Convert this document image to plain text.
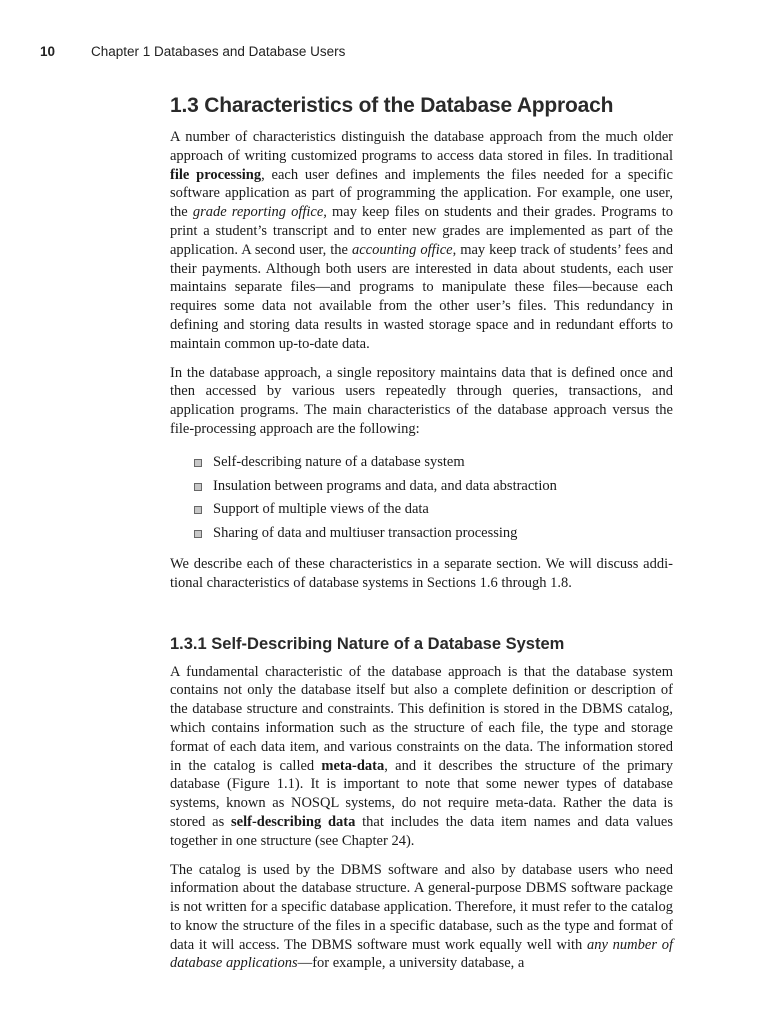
10	Chapter 1 Databases and Database Users
1.3 Characteristics of the Database Approach

A number of characteristics distinguish the database approach from the much older approach of writing customized programs to access data stored in files. In traditional file processing, each user defines and implements the files needed for a specific software application as part of programming the application. For example, one user, the grade reporting office, may keep files on students and their grades. Programs to print a student’s transcript and to enter new grades are implemented as part of the application. A second user, the accounting office, may keep track of students’ fees and their payments. Although both users are interested in data about students, each user maintains separate files—and programs to manipulate these files—because each requires some data not available from the other user’s files. This redundancy in defining and storing data results in wasted storage space and in redundant efforts to maintain common up-to-date data.

In the database approach, a single repository maintains data that is defined once and then accessed by various users repeatedly through queries, transactions, and application programs. The main characteristics of the database approach versus the file-processing approach are the following:

Self-describing nature of a database system
Insulation between programs and data, and data abstraction
Support of multiple views of the data
Sharing of data and multiuser transaction processing

We describe each of these characteristics in a separate section. We will discuss additional characteristics of database systems in Sections 1.6 through 1.8.

1.3.1 Self-Describing Nature of a Database System

A fundamental characteristic of the database approach is that the database system contains not only the database itself but also a complete definition or description of the database structure and constraints. This definition is stored in the DBMS catalog, which contains information such as the structure of each file, the type and storage format of each data item, and various constraints on the data. The information stored in the catalog is called meta-data, and it describes the structure of the primary database (Figure 1.1). It is important to note that some newer types of database systems, known as NOSQL systems, do not require meta-data. Rather the data is stored as self-describing data that includes the data item names and data values together in one structure (see Chapter 24).

The catalog is used by the DBMS software and also by database users who need information about the database structure. A general-purpose DBMS software package is not written for a specific database application. Therefore, it must refer to the catalog to know the structure of the files in a specific database, such as the type and format of data it will access. The DBMS software must work equally well with any number of database applications—for example, a university database, a
